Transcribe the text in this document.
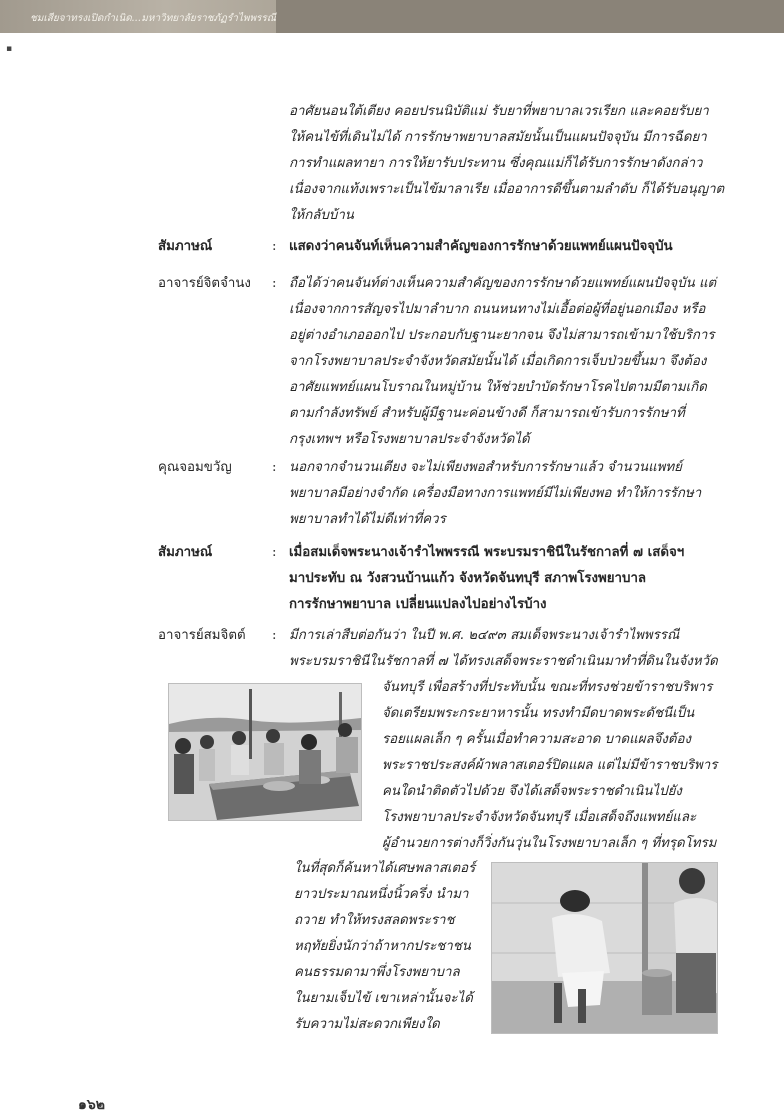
ชมเสียจาทรงเปิดกำเนิด...มหาวิทยาลัยราชภัฏรำไพพรรณี
▪

อาศัยนอนใต้เตียง คอยปรนนิบัติแม่ รับยาที่พยาบาลเวรเรียก และคอยรับยา

ให้คนไข้ที่เดินไม่ได้ การรักษาพยาบาลสมัยนั้นเป็นแผนปัจจุบัน มีการฉีดยา

การทำแผลทายา การให้ยารับประทาน ซึ่งคุณแม่ก็ได้รับการรักษาดังกล่าว

เนื่องจากแท้งเพราะเป็นไข้มาลาเรีย เมื่ออาการดีขึ้นตามลำดับ ก็ได้รับอนุญาต

ให้กลับบ้าน

สัมภาษณ์	: แสดงว่าคนจันท์เห็นความสำคัญของการรักษาด้วยแพทย์แผนปัจจุบัน

อาจารย์จิตจำนง : ถือได้ว่าคนจันท์ต่างเห็นความสำคัญของการรักษาด้วยแพทย์แผนปัจจุบัน แต่

เนื่องจากการสัญจรไปมาลำบาก ถนนหนทางไม่เอื้อต่อผู้ที่อยู่นอกเมือง หรือ

อยู่ต่างอำเภอออกไป ประกอบกับฐานะยากจน จึงไม่สามารถเข้ามาใช้บริการ

จากโรงพยาบาลประจำจังหวัดสมัยนั้นได้ เมื่อเกิดการเจ็บป่วยขึ้นมา จึงต้อง

อาศัยแพทย์แผนโบราณในหมู่บ้าน ให้ช่วยบำบัดรักษาโรคไปตามมีตามเกิด

ตามกำลังทรัพย์ สำหรับผู้มีฐานะค่อนข้างดี ก็สามารถเข้ารับการรักษาที่

กรุงเทพฯ หรือโรงพยาบาลประจำจังหวัดได้

คุณจอมขวัญ	: นอกจากจำนวนเตียง จะไม่เพียงพอสำหรับการรักษาแล้ว จำนวนแพทย์

พยาบาลมีอย่างจำกัด เครื่องมือทางการแพทย์มีไม่เพียงพอ ทำให้การรักษา

พยาบาลทำได้ไม่ดีเท่าที่ควร

สัมภาษณ์	: เมื่อสมเด็จพระนางเจ้ารำไพพรรณี พระบรมราชินีในรัชกาลที่ ๗ เสด็จฯ

มาประทับ ณ วังสวนบ้านแก้ว จังหวัดจันทบุรี สภาพโรงพยาบาล

การรักษาพยาบาล เปลี่ยนแปลงไปอย่างไรบ้าง

อาจารย์สมจิตต์ : มีการเล่าสืบต่อกันว่า ในปี พ.ศ. ๒๔๙๓ สมเด็จพระนางเจ้ารำไพพรรณี

พระบรมราชินีในรัชกาลที่ ๗ ได้ทรงเสด็จพระราชดำเนินมาทำที่ดินในจังหวัด

จันทบุรี เพื่อสร้างที่ประทับนั้น ขณะที่ทรงช่วยข้าราชบริพาร

จัดเตรียมพระกระยาหารนั้น ทรงทำมีดบาดพระดัชนีเป็น

รอยแผลเล็ก ๆ ครั้นเมื่อทำความสะอาด บาดแผลจึงต้อง

พระราชประสงค์ผ้าพลาสเตอร์ปิดแผล แต่ไม่มีข้าราชบริพาร

คนใดนำติดตัวไปด้วย จึงได้เสด็จพระราชดำเนินไปยัง

โรงพยาบาลประจำจังหวัดจันทบุรี เมื่อเสด็จถึงแพทย์และ

ผู้อำนวยการต่างก็วิ่งกันวุ่นในโรงพยาบาลเล็ก ๆ ที่ทรุดโทรม

ในที่สุดก็ค้นหาได้เศษพลาสเตอร์

ยาวประมาณหนึ่งนิ้วครึ่ง นำมา

ถวาย ทำให้ทรงสลดพระราช

หฤทัยยิ่งนักว่าถ้าหากประชาชน

คนธรรมดามาพึ่งโรงพยาบาล

ในยามเจ็บไข้ เขาเหล่านั้นจะได้

รับความไม่สะดวกเพียงใด

๑๖๒
